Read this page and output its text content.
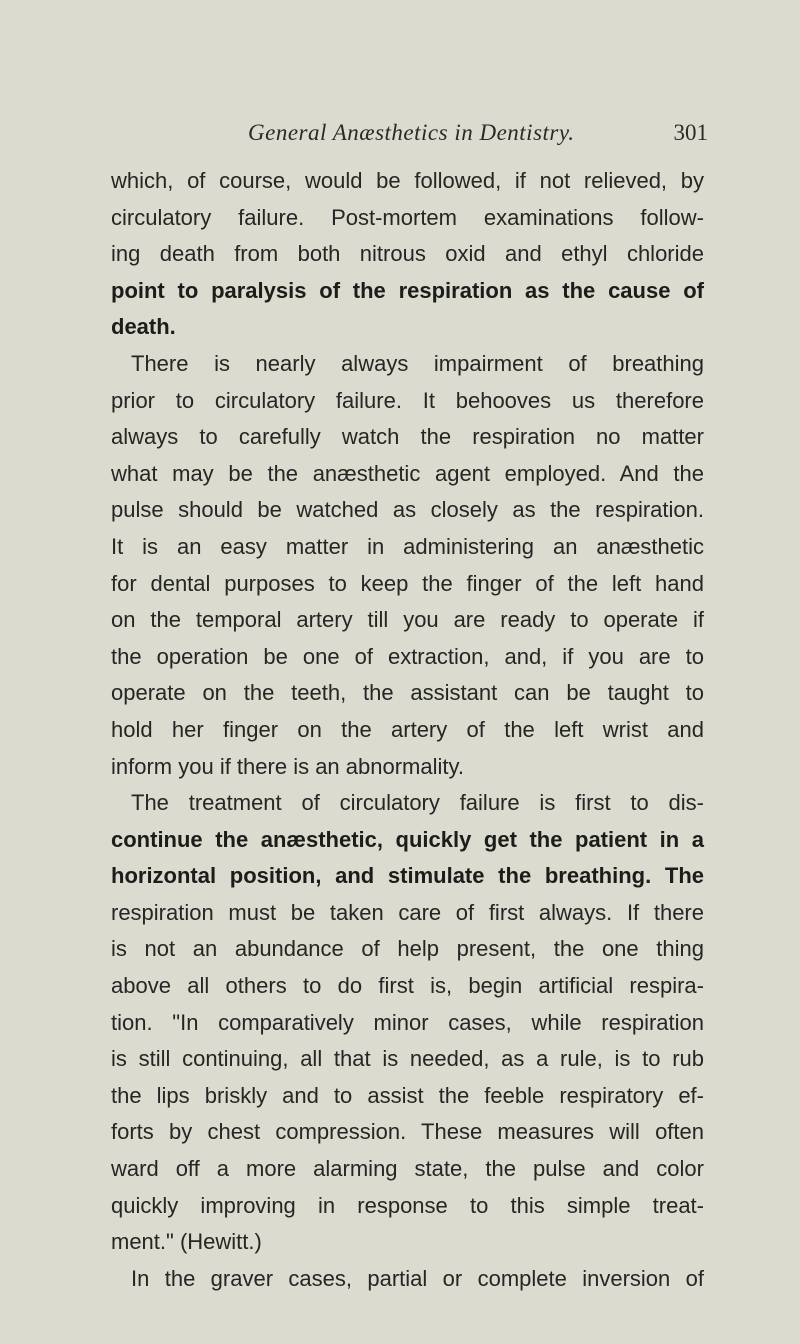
General Anæsthetics in Dentistry.	301
which, of course, would be followed, if not relieved, by
circulatory failure. Post-mortem examinations follow-
ing death from both nitrous oxid and ethyl chloride
point to paralysis of the respiration as the cause of
death.
There is nearly always impairment of breathing
prior to circulatory failure. It behooves us therefore
always to carefully watch the respiration no matter
what may be the anæsthetic agent employed. And the
pulse should be watched as closely as the respiration.
It is an easy matter in administering an anæsthetic
for dental purposes to keep the finger of the left hand
on the temporal artery till you are ready to operate if
the operation be one of extraction, and, if you are to
operate on the teeth, the assistant can be taught to
hold her finger on the artery of the left wrist and
inform you if there is an abnormality.
The treatment of circulatory failure is first to dis-
continue the anæsthetic, quickly get the patient in a
horizontal position, and stimulate the breathing. The
respiration must be taken care of first always. If there
is not an abundance of help present, the one thing
above all others to do first is, begin artificial respira-
tion. "In comparatively minor cases, while respiration
is still continuing, all that is needed, as a rule, is to rub
the lips briskly and to assist the feeble respiratory ef-
forts by chest compression. These measures will often
ward off a more alarming state, the pulse and color
quickly improving in response to this simple treat-
ment." (Hewitt.)
In the graver cases, partial or complete inversion of
